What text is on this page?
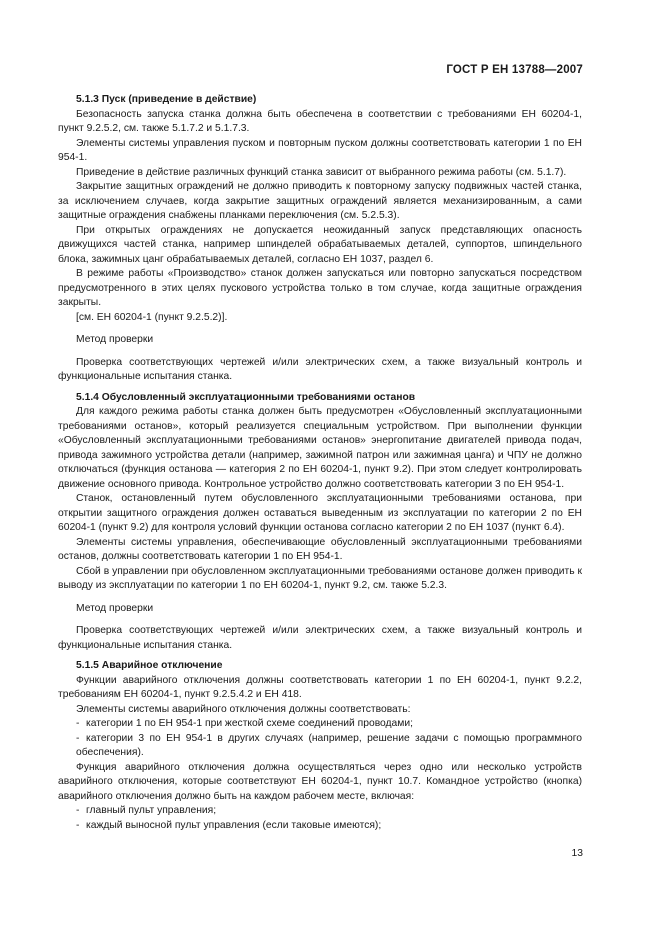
ГОСТ Р ЕН 13788—2007
5.1.3 Пуск (приведение в действие)

Безопасность запуска станка должна быть обеспечена в соответствии с требованиями ЕН 60204-1, пункт 9.2.5.2, см. также 5.1.7.2 и 5.1.7.3.

Элементы системы управления пуском и повторным пуском должны соответствовать категории 1 по ЕН 954-1.

Приведение в действие различных функций станка зависит от выбранного режима работы (см. 5.1.7).

Закрытие защитных ограждений не должно приводить к повторному запуску подвижных частей станка, за исключением случаев, когда закрытие защитных ограждений является механизированным, а сами защитные ограждения снабжены планками переключения (см. 5.2.5.3).

При открытых ограждениях не допускается неожиданный запуск представляющих опасность движущихся частей станка, например шпинделей обрабатываемых деталей, суппортов, шпиндельного блока, зажимных цанг обрабатываемых деталей, согласно ЕН 1037, раздел 6.

В режиме работы «Производство» станок должен запускаться или повторно запускаться посредством предусмотренного в этих целях пускового устройства только в том случае, когда защитные ограждения закрыты.

[см. ЕН 60204-1 (пункт 9.2.5.2)].

Метод проверки

Проверка соответствующих чертежей и/или электрических схем, а также визуальный контроль и функциональные испытания станка.

5.1.4 Обусловленный эксплуатационными требованиями останов

Для каждого режима работы станка должен быть предусмотрен «Обусловленный эксплуатационными требованиями останов», который реализуется специальным устройством. При выполнении функции «Обусловленный эксплуатационными требованиями останов» энергопитание двигателей привода подач, привода зажимного устройства детали (например, зажимной патрон или зажимная цанга) и ЧПУ не должно отключаться (функция останова — категория 2 по ЕН 60204-1, пункт 9.2). При этом следует контролировать движение основного привода. Контрольное устройство должно соответствовать категории 3 по ЕН 954-1.

Станок, остановленный путем обусловленного эксплуатационными требованиями останова, при открытии защитного ограждения должен оставаться выведенным из эксплуатации по категории 2 по ЕН 60204-1 (пункт 9.2) для контроля условий функции останова согласно категории 2 по ЕН 1037 (пункт 6.4).

Элементы системы управления, обеспечивающие обусловленный эксплуатационными требованиями останов, должны соответствовать категории 1 по ЕН 954-1.

Сбой в управлении при обусловленном эксплуатационными требованиями останове должен приводить к выводу из эксплуатации по категории 1 по ЕН 60204-1, пункт 9.2, см. также 5.2.3.

Метод проверки

Проверка соответствующих чертежей и/или электрических схем, а также визуальный контроль и функциональные испытания станка.

5.1.5 Аварийное отключение

Функции аварийного отключения должны соответствовать категории 1 по ЕН 60204-1, пункт 9.2.2, требованиям ЕН 60204-1, пункт 9.2.5.4.2 и ЕН 418.

Элементы системы аварийного отключения должны соответствовать:

- категории 1 по ЕН 954-1 при жесткой схеме соединений проводами;
- категории 3 по ЕН 954-1 в других случаях (например, решение задачи с помощью программного обеспечения).

Функция аварийного отключения должна осуществляться через одно или несколько устройств аварийного отключения, которые соответствуют ЕН 60204-1, пункт 10.7. Командное устройство (кнопка) аварийного отключения должно быть на каждом рабочем месте, включая:

- главный пульт управления;
- каждый выносной пульт управления (если таковые имеются);
13
